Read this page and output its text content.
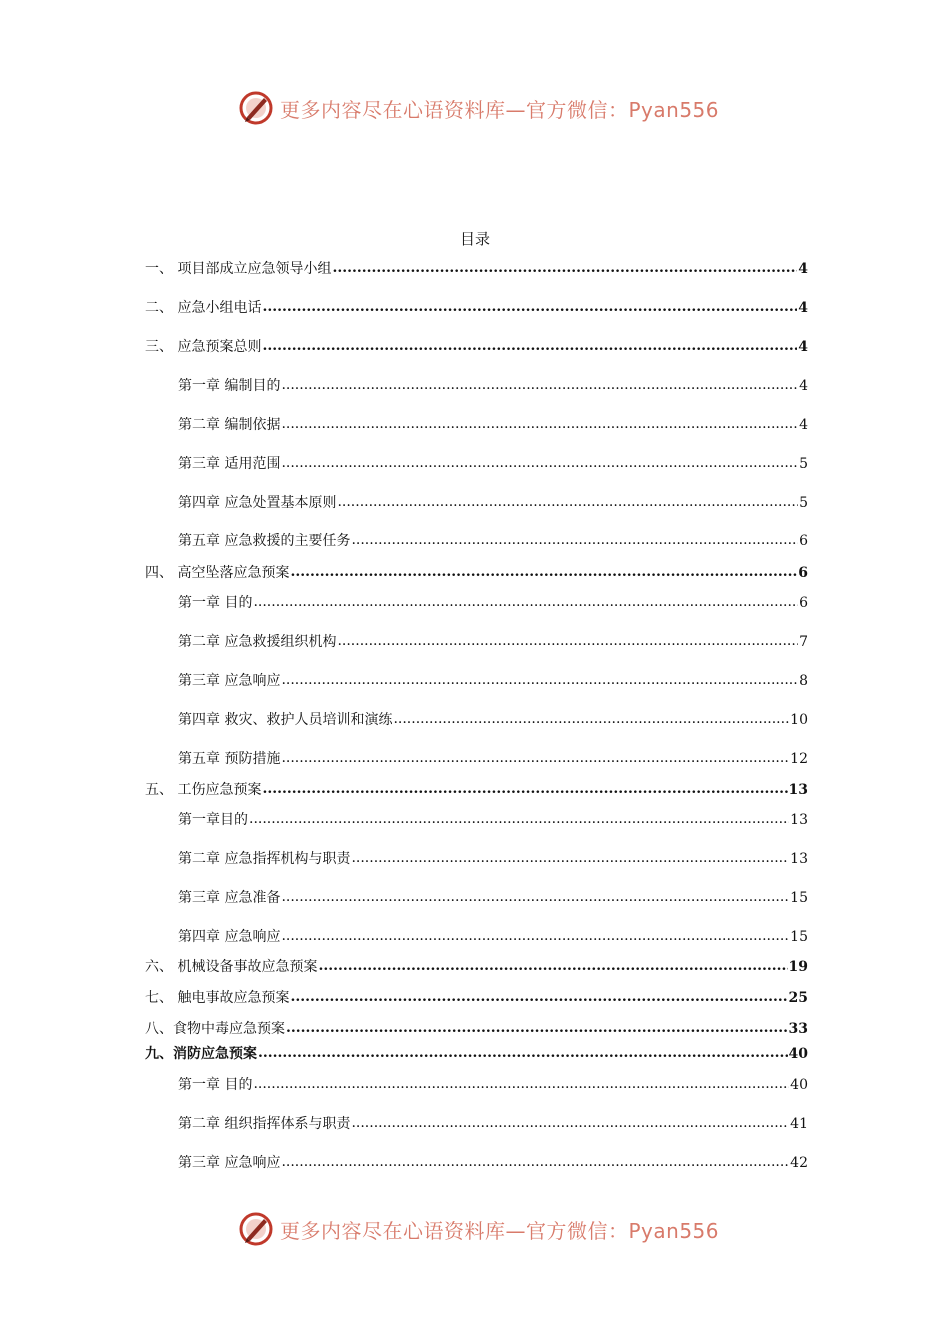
更多内容尽在心语资料库—官方微信：Pyan556
目录
一、 项目部成立应急领导小组 .....	4
二、 应急小组电话 .....	4
三、 应急预案总则 .....	4
第一章 编制目的 .....	4
第二章 编制依据 .....	4
第三章 适用范围 .....	5
第四章 应急处置基本原则 .....	5
第五章 应急救援的主要任务 .....	6
四、 高空坠落应急预案 .....	6
第一章 目的 .....	6
第二章 应急救援组织机构 .....	7
第三章 应急响应 .....	8
第四章 救灾、救护人员培训和演练 .....	10
第五章 预防措施 .....	12
五、 工伤应急预案 .....	13
第一章目的 .....	13
第二章 应急指挥机构与职责 .....	13
第三章 应急准备 .....	15
第四章 应急响应 .....	15
六、 机械设备事故应急预案 .....	19
七、 触电事故应急预案 .....	25
八、食物中毒应急预案 .....	33
九、消防应急预案 .....	40
第一章 目的 .....	40
第二章 组织指挥体系与职责 .....	41
第三章 应急响应 .....	42
更多内容尽在心语资料库—官方微信：Pyan556
